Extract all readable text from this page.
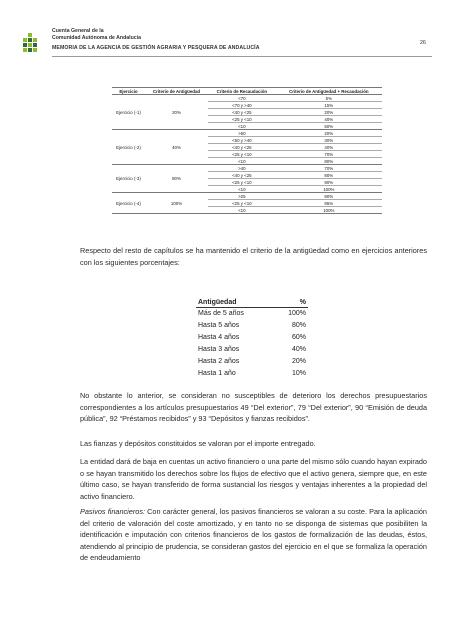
Cuenta General de la
Comunidad Autónoma de Andalucía
26
MEMORIA DE LA AGENCIA DE GESTIÓN AGRARIA Y PESQUERA DE ANDALUCÍA
Ejercicio	Criterio de Antigüedad	Criterio de Recaudación	Criterio de Antigüedad + Recaudación
Ejercicio (-1)	20%	<70	5%
		<70 y >40	15%
		<40 y <25	20%
		<25 y <10	40%
		<10	50%
Ejercicio (-2)	40%	>50	20%
		<50 y >40	30%
		<40 y <25	40%
		<25 y <10	70%
		<10	80%
Ejercicio (-3)	80%	>40	70%
		<40 y <25	80%
		<25 y <10	90%
		<10	100%
Ejercicio (-4)	100%	>25	90%
		<25 y <10	95%
		<10	100%

Respecto del resto de capítulos se ha mantenido el criterio de la antigüedad como en ejercicios anteriores con los siguientes porcentajes:

Antigüedad	%
Más de 5 años	100%
Hasta 5 años	80%
Hasta 4 años	60%
Hasta 3 años	40%
Hasta 2 años	20%
Hasta 1 año	10%

No obstante lo anterior, se consideran no susceptibles de deterioro los derechos presupuestarios correspondientes a los artículos presupuestarios 49 “Del exterior”, 79 “Del exterior”, 90 “Emisión de deuda pública”, 92 “Préstamos recibidos” y 93 “Depósitos y fianzas recibidos”.

Las fianzas y depósitos constituidos se valoran por el importe entregado.

La entidad dará de baja en cuentas un activo financiero o una parte del mismo sólo cuando hayan expirado o se hayan transmitido los derechos sobre los flujos de efectivo que el activo genera, siempre que, en este último caso, se hayan transferido de forma sustancial los riesgos y ventajas inherentes a la propiedad del activo financiero.

Pasivos financieros: Con carácter general, los pasivos financieros se valoran a su coste. Para la aplicación del criterio de valoración del coste amortizado, y en tanto no se disponga de sistemas que posibiliten la identificación e imputación con criterios financieros de los gastos de formalización de las deudas, éstos, atendiendo al principio de prudencia, se consideran gastos del ejercicio en el que se formaliza la operación de endeudamiento
